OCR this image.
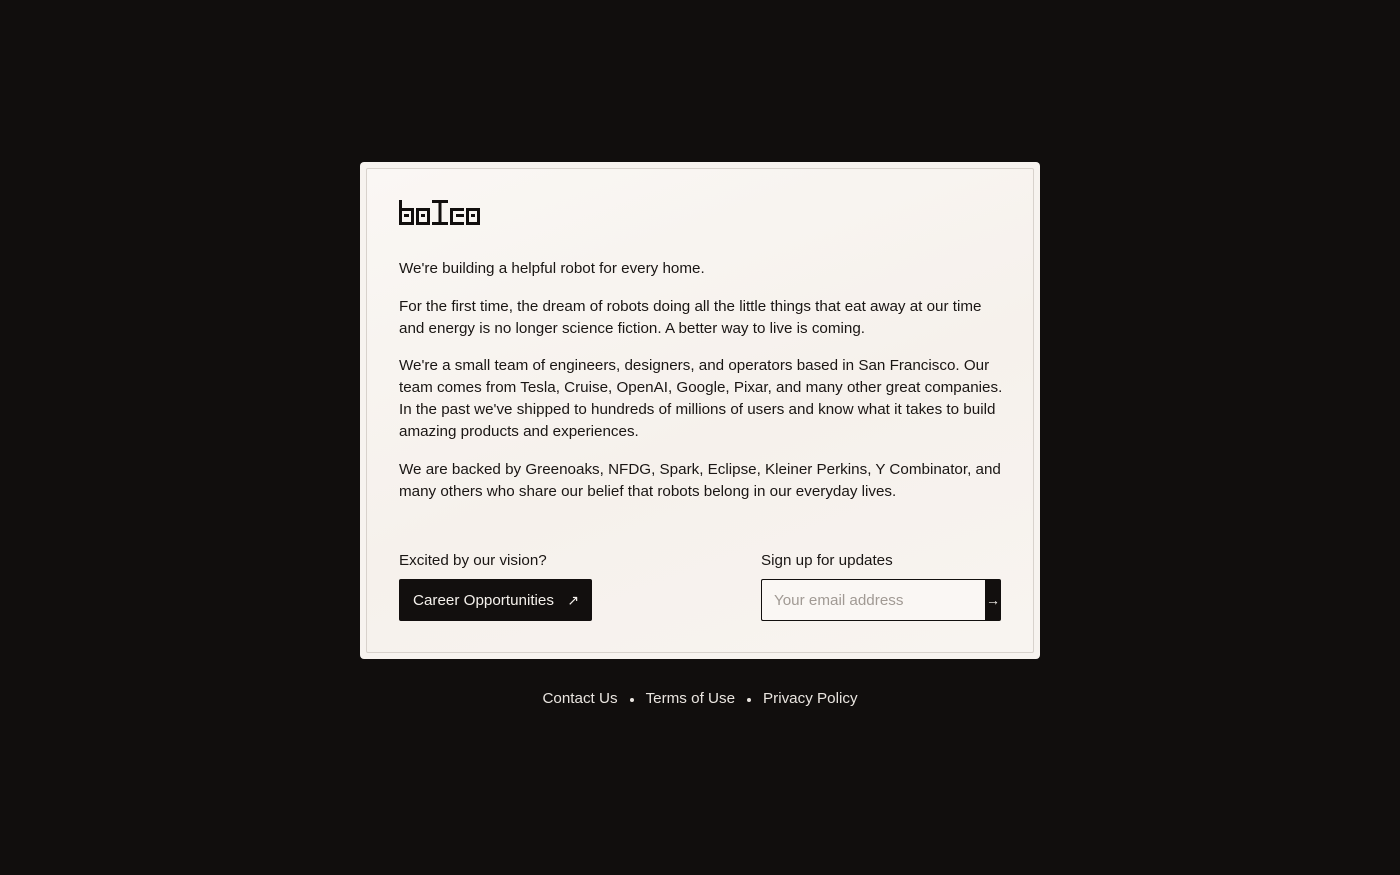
We're building a helpful robot for every home.

For the first time, the dream of robots doing all the little things that eat away at our time and energy is no longer science fiction. A better way to live is coming.

We're a small team of engineers, designers, and operators based in San Francisco. Our team comes from Tesla, Cruise, OpenAI, Google, Pixar, and many other great companies. In the past we've shipped to hundreds of millions of users and know what it takes to build amazing products and experiences.

We are backed by Greenoaks, NFDG, Spark, Eclipse, Kleiner Perkins, Y Combinator, and many others who share our belief that robots belong in our everyday lives.

Excited by our vision?
Career Opportunities ↗
Sign up for updates
Your email address
→
Contact Us Terms of Use Privacy Policy
